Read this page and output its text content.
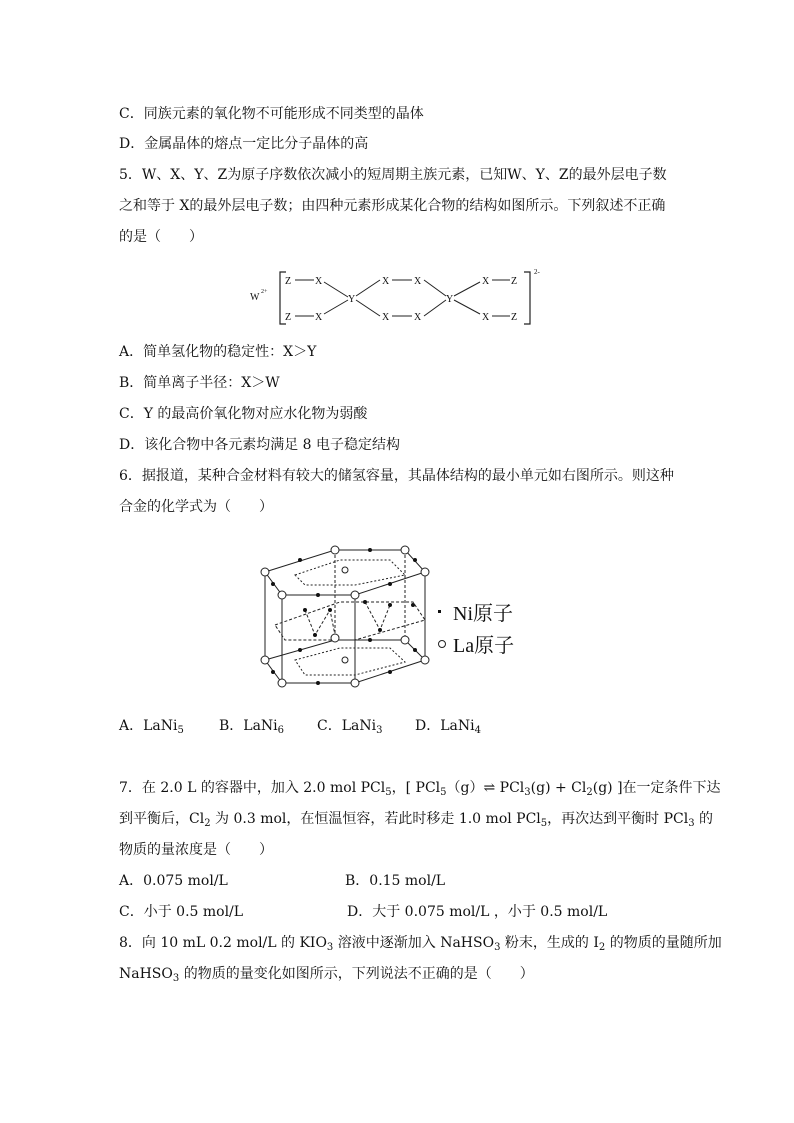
C．同族元素的氧化物不可能形成不同类型的晶体
D．金属晶体的熔点一定比分子晶体的高
5．W、X、Y、Z为原子序数依次减小的短周期主族元素，已知W、Y、Z的最外层电子数
之和等于 X的最外层电子数；由四种元素形成某化合物的结构如图所示。下列叙述不正确
的是（　　）
W 2+
2-
Z X
Z X
Y
X X
X X
Y
X Z
X Z
A．简单氢化物的稳定性：X＞Y
B．简单离子半径：X＞W
C．Y 的最高价氧化物对应水化物为弱酸
D．该化合物中各元素均满足 8 电子稳定结构
6．据报道，某种合金材料有较大的储氢容量，其晶体结构的最小单元如右图所示。则这种
合金的化学式为（　　）
Ni原子
La原子
A．LaNi$_5$	B．LaNi$_6$ C．LaNi$_3$ D．LaNi$_4$
7．在 2.0 L 的容器中，加入 2.0 mol PCl$_5$，[ PCl$_5$（g）⇌ $PCl_3(g) + Cl_2(g)$ ]在一定条件下达
到平衡后，$Cl_2$ 为 0.3 mol，在恒温恒容，若此时移走 1.0 mol PCl$_5$，再次达到平衡时 PCl$_3$ 的
物质的量浓度是（　　）
A．0.075 mol/L	B．0.15 mol/L
C．小于 0.5 mol/L	D．大于 0.075 mol/L ，小于 0.5 mol/L
8．向 10 mL 0.2 mol/L 的 $KIO_3$ 溶液中逐渐加入 NaHSO$_3$ 粉末，生成的 $I_2$ 的物质的量随所加
NaHSO$_3$ 的物质的量变化如图所示，下列说法不正确的是（　　）
